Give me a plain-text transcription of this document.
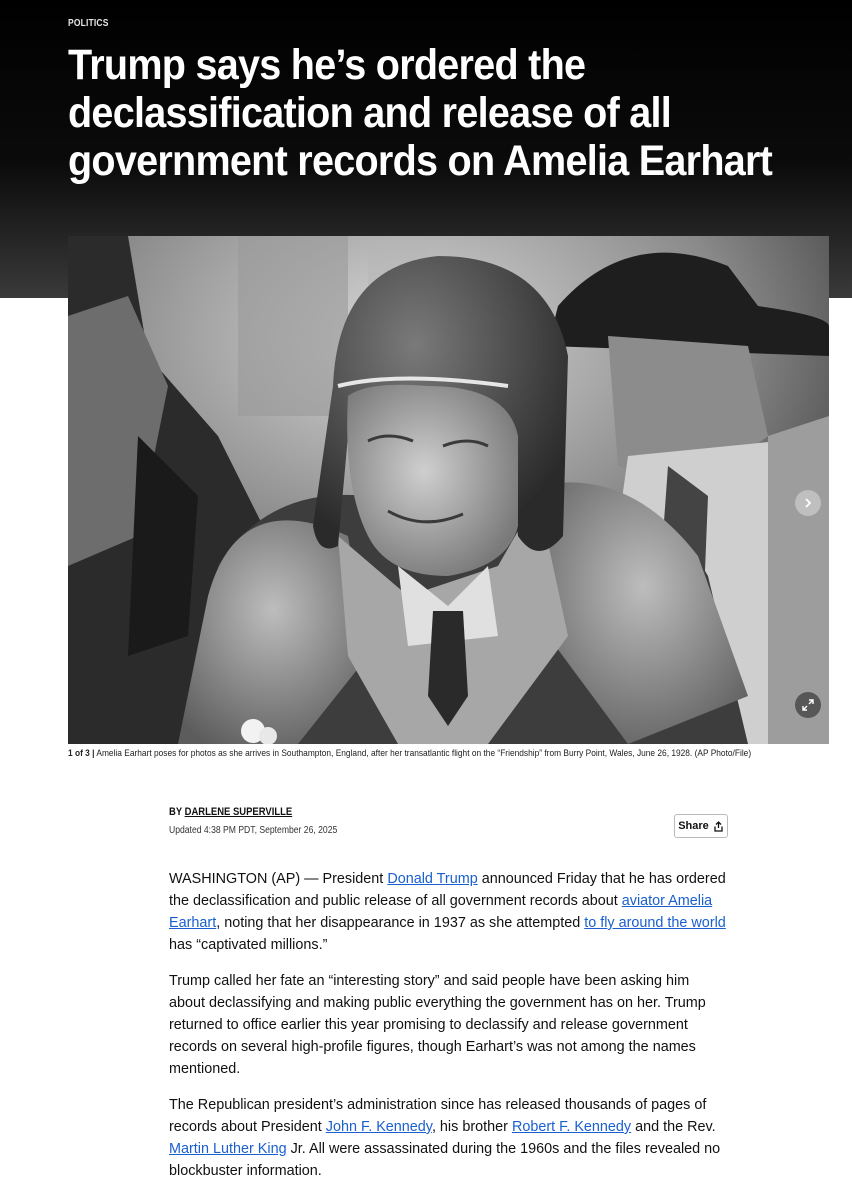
POLITICS
Trump says he’s ordered the declassification and release of all government records on Amelia Earhart
1 of 3 | Amelia Earhart poses for photos as she arrives in Southampton, England, after her transatlantic flight on the “Friendship” from Burry Point, Wales, June 26, 1928. (AP Photo/File)
BY DARLENE SUPERVILLE
Updated 4:38 PM PDT, September 26, 2025	Share

WASHINGTON (AP) — President Donald Trump announced Friday that he has ordered the declassification and public release of all government records about aviator Amelia Earhart, noting that her disappearance in 1937 as she attempted to fly around the world has “captivated millions.”

Trump called her fate an “interesting story” and said people have been asking him about declassifying and making public everything the government has on her. Trump returned to office earlier this year promising to declassify and release government records on several high-profile figures, though Earhart’s was not among the names mentioned.

The Republican president’s administration since has released thousands of pages of records about President John F. Kennedy, his brother Robert F. Kennedy and the Rev. Martin Luther King Jr. All were assassinated during the 1960s and the files revealed no blockbuster information.
